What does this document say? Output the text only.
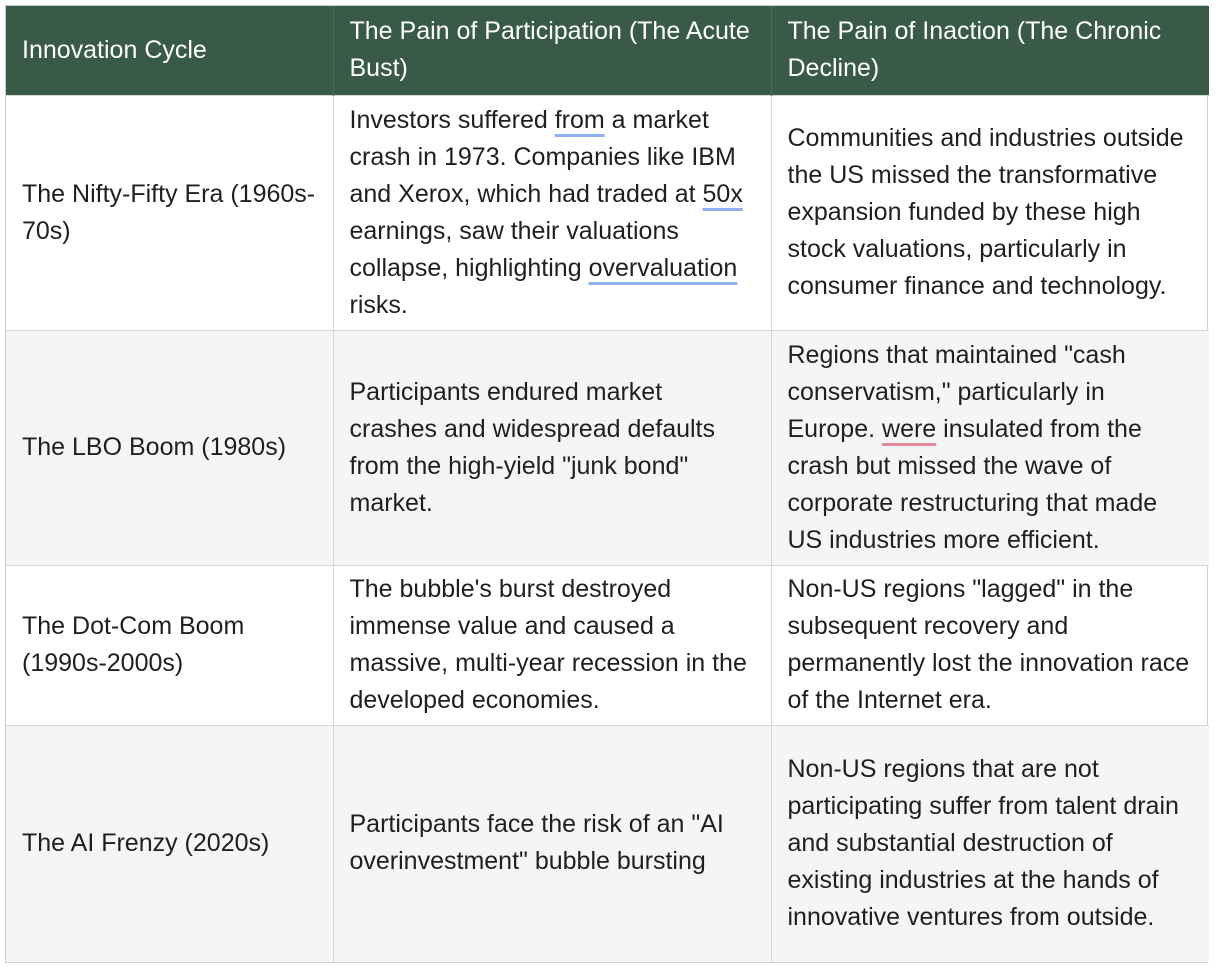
Innovation Cycle	The Pain of Participation (The Acute Bust)	The Pain of Inaction (The Chronic Decline)
The Nifty-Fifty Era (1960s-70s)	Investors suffered from a market crash in 1973. Companies like IBM and Xerox, which had traded at 50x earnings, saw their valuations collapse, highlighting overvaluation risks.	Communities and industries outside the US missed the transformative expansion funded by these high stock valuations, particularly in consumer finance and technology.
The LBO Boom (1980s)	Participants endured market crashes and widespread defaults from the high-yield "junk bond" market.	Regions that maintained "cash conservatism," particularly in Europe. were insulated from the crash but missed the wave of corporate restructuring that made US industries more efficient.
The Dot-Com Boom (1990s-2000s)	The bubble's burst destroyed immense value and caused a massive, multi-year recession in the developed economies.	Non-US regions "lagged" in the subsequent recovery and permanently lost the innovation race of the Internet era.
The AI Frenzy (2020s)	Participants face the risk of an "AI overinvestment" bubble bursting	Non-US regions that are not participating suffer from talent drain and substantial destruction of existing industries at the hands of innovative ventures from outside.
